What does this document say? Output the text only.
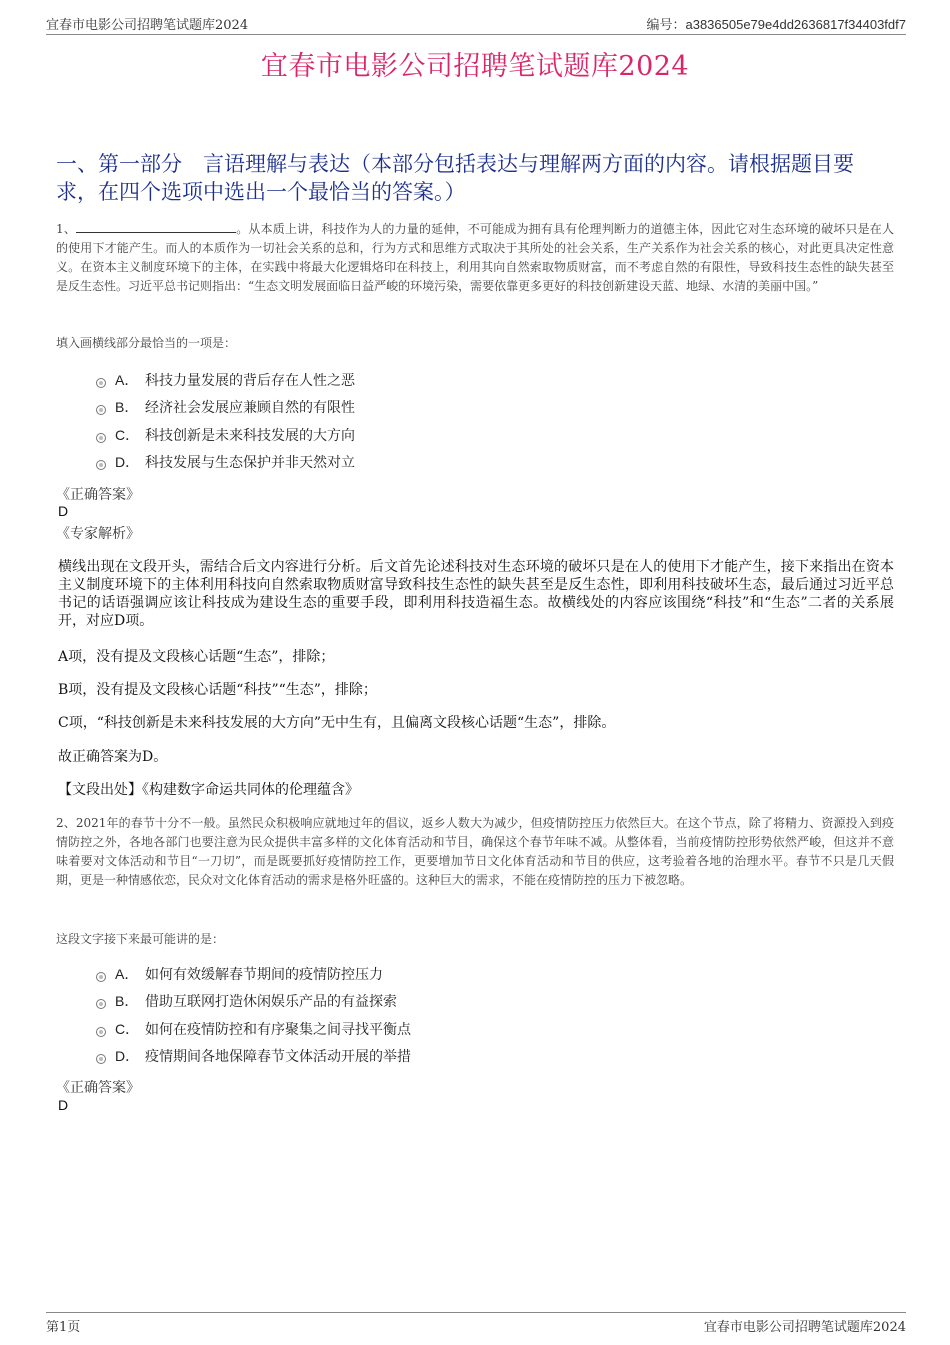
宜春市电影公司招聘笔试题库2024	编号：a3836505e79e4dd2636817f34403fdf7
宜春市电影公司招聘笔试题库2024
一、第一部分　言语理解与表达（本部分包括表达与理解两方面的内容。请根据题目要求，在四个选项中选出一个最恰当的答案。）
1、	。从本质上讲，科技作为人的力量的延伸，不可能成为拥有具有伦理判断力的道德主体，因此它对生态环境的破坏只是在人的使用下才能产生。而人的本质作为一切社会关系的总和，行为方式和思维方式取决于其所处的社会关系，生产关系作为社会关系的核心，对此更具决定性意义。在资本主义制度环境下的主体，在实践中将最大化逻辑烙印在科技上，利用其向自然索取物质财富，而不考虑自然的有限性，导致科技生态性的缺失甚至是反生态性。习近平总书记则指出：“生态文明发展面临日益严峻的环境污染，需要依靠更多更好的科技创新建设天蓝、地绿、水清的美丽中国。”
填入画横线部分最恰当的一项是：
A． 科技力量发展的背后存在人性之恶
B． 经济社会发展应兼顾自然的有限性
C． 科技创新是未来科技发展的大方向
D． 科技发展与生态保护并非天然对立
《正确答案》
D
《专家解析》
横线出现在文段开头，需结合后文内容进行分析。后文首先论述科技对生态环境的破坏只是在人的使用下才能产生，接下来指出在资本主义制度环境下的主体利用科技向自然索取物质财富导致科技生态性的缺失甚至是反生态性，即利用科技破坏生态，最后通过习近平总书记的话语强调应该让科技成为建设生态的重要手段，即利用科技造福生态。故横线处的内容应该围绕“科技”和“生态”二者的关系展开，对应D项。
A项，没有提及文段核心话题“生态”，排除；
B项，没有提及文段核心话题“科技”“生态”，排除；
C项，“科技创新是未来科技发展的大方向”无中生有，且偏离文段核心话题“生态”，排除。
故正确答案为D。
【文段出处】《构建数字命运共同体的伦理蕴含》
2、2021年的春节十分不一般。虽然民众积极响应就地过年的倡议，返乡人数大为减少，但疫情防控压力依然巨大。在这个节点，除了将精力、资源投入到疫情防控之外，各地各部门也要注意为民众提供丰富多样的文化体育活动和节目，确保这个春节年味不减。从整体看，当前疫情防控形势依然严峻，但这并不意味着要对文体活动和节目“一刀切”，而是既要抓好疫情防控工作，更要增加节日文化体育活动和节目的供应，这考验着各地的治理水平。春节不只是几天假期，更是一种情感依恋，民众对文化体育活动的需求是格外旺盛的。这种巨大的需求，不能在疫情防控的压力下被忽略。
这段文字接下来最可能讲的是：
A． 如何有效缓解春节期间的疫情防控压力
B． 借助互联网打造休闲娱乐产品的有益探索
C． 如何在疫情防控和有序聚集之间寻找平衡点
D． 疫情期间各地保障春节文体活动开展的举措
《正确答案》
D
第1页	宜春市电影公司招聘笔试题库2024
